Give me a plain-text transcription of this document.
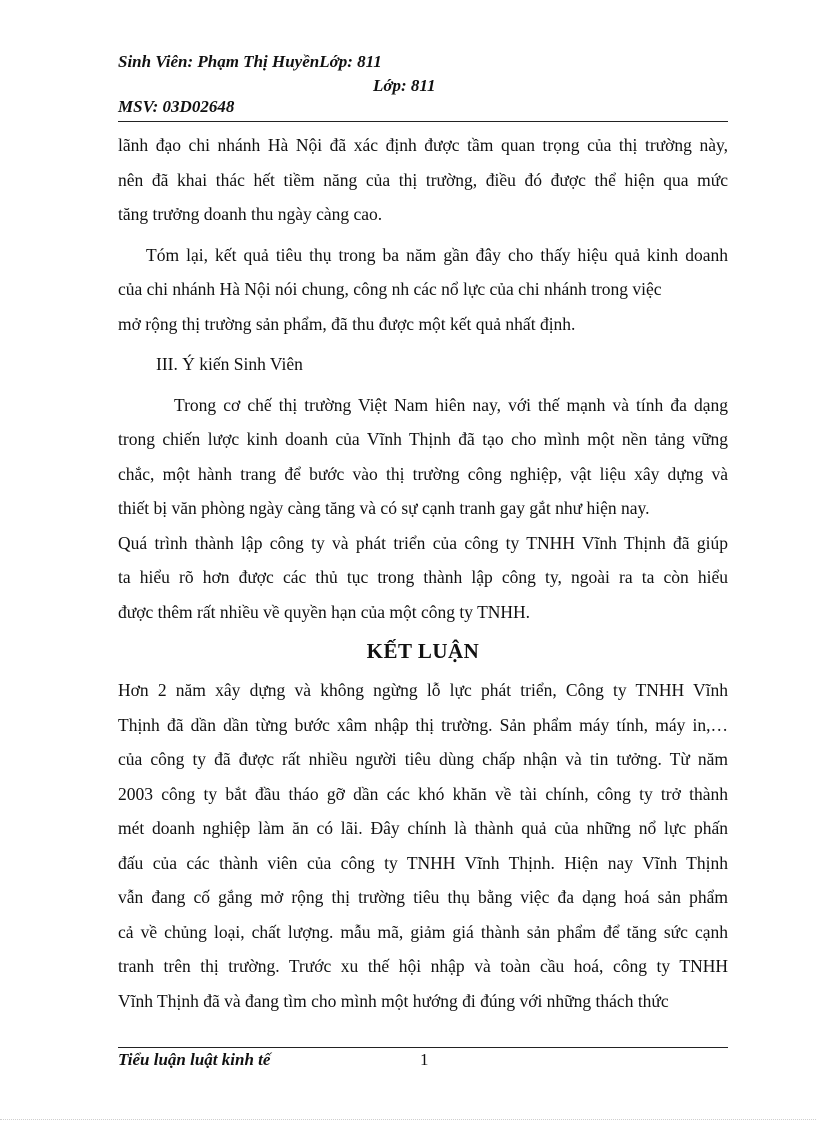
Sinh Viên: Phạm Thị HuyềnLớp: 811
Lớp: 811
MSV: 03D02648
lãnh đạo chi nhánh Hà Nội đã xác định được tầm quan trọng của thị trường này,
nên đã khai thác hết tiềm năng của thị trường, điều đó được thể hiện qua mức
tăng trưởng doanh thu ngày càng cao.
Tóm lại, kết quả tiêu thụ trong ba năm gần đây cho thấy hiệu quả kinh doanh
của chi nhánh Hà Nội nói chung, công nh các nổ lực của chi nhánh trong việc
mở rộng thị trường sản phẩm, đã thu được một kết quả nhất định.
III. Ý kiến Sinh Viên
Trong cơ chế thị trường Việt Nam hiên nay, với thế mạnh và tính đa dạng
trong chiến lược kinh doanh của Vĩnh Thịnh đã tạo cho mình một nền tảng vững
chắc, một hành trang để bước vào thị trường công nghiệp, vật liệu xây dựng và
thiết bị văn phòng ngày càng tăng và có sự cạnh tranh gay gắt như hiện nay.
Quá trình thành lập công ty và phát triển của công ty TNHH Vĩnh Thịnh đã giúp
ta hiểu rõ hơn được các thủ tục trong thành lập công ty, ngoài ra ta còn hiểu
được thêm rất nhiều về quyền hạn của một công ty TNHH.
KẾT LUẬN
Hơn 2 năm xây dựng và không ngừng lỗ lực phát triển, Công ty TNHH Vĩnh
Thịnh đã dần dần từng bước xâm nhập thị trường. Sản phẩm máy tính, máy in,…
của công ty đã được rất nhiều người tiêu dùng chấp nhận và tin tưởng. Từ năm
2003 công ty bắt đầu tháo gỡ dần các khó khăn về tài chính, công ty trở thành
mét doanh nghiệp làm ăn có lãi. Đây chính là thành quả của những nổ lực phấn
đấu của các thành viên của công ty TNHH Vĩnh Thịnh. Hiện nay Vĩnh Thịnh
vẫn đang cố gắng mở rộng thị trường tiêu thụ bằng việc đa dạng hoá sản phẩm
cả về chủng loại, chất lượng. mẫu mã, giảm giá thành sản phẩm để tăng sức cạnh
tranh trên thị trường. Trước xu thế hội nhập và toàn cầu hoá, công ty TNHH
Vĩnh Thịnh đã và đang tìm cho mình một hướng đi đúng với những thách thức
Tiểu luận luật kinh tế	1
